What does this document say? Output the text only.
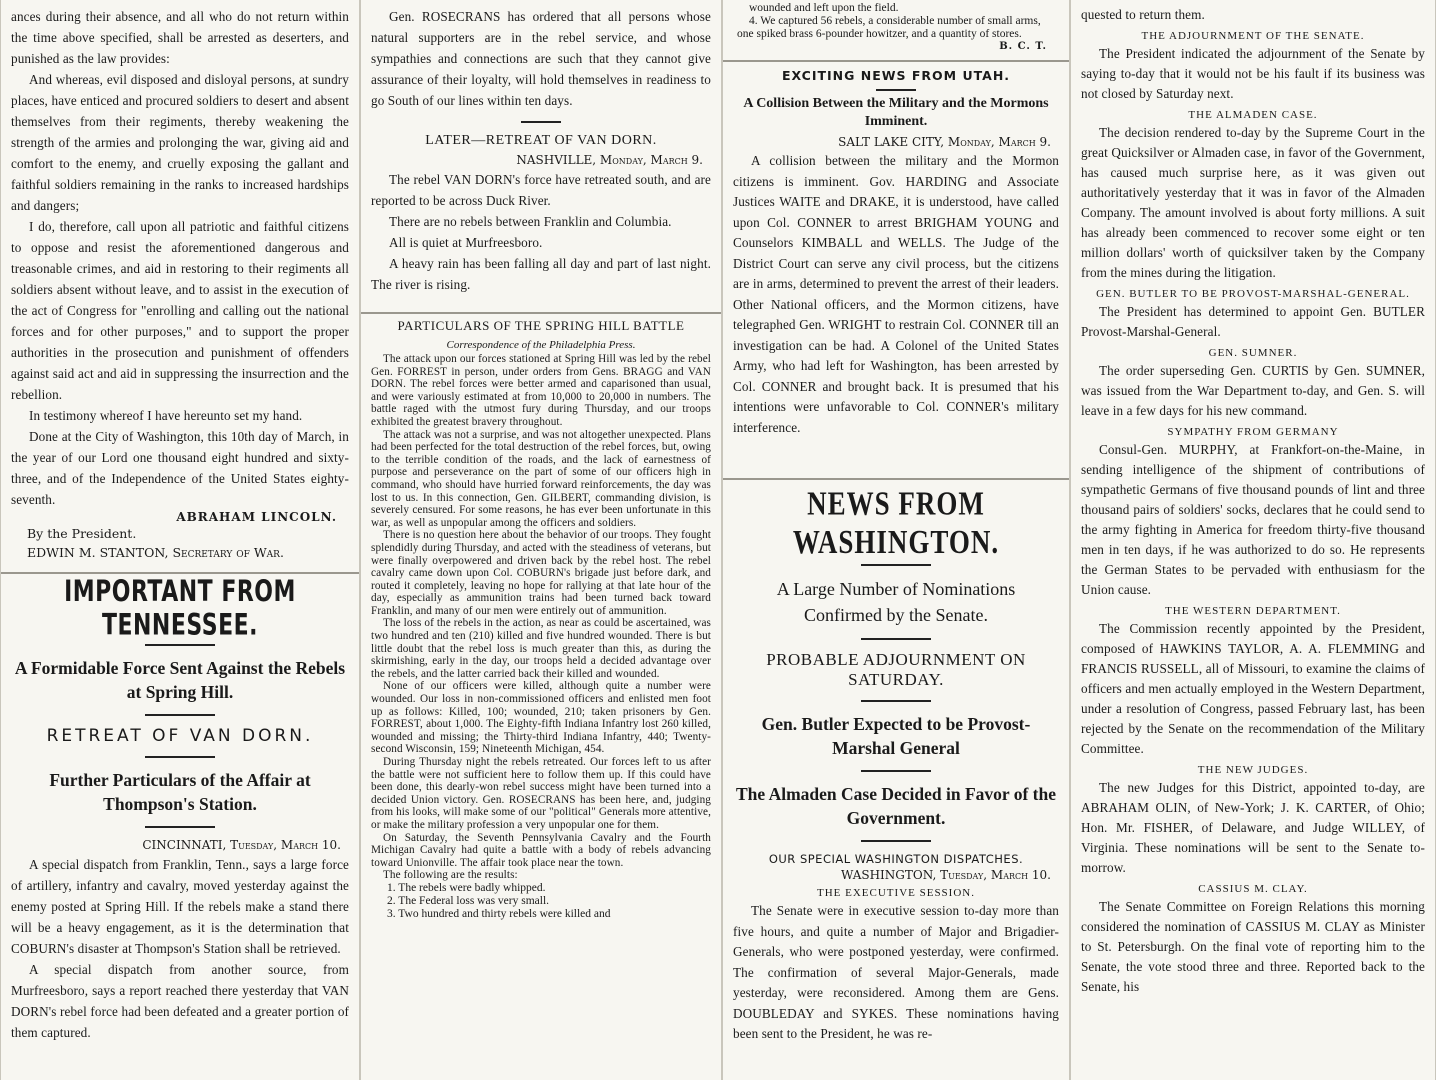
ances during their absence, and all who do not return within the time above specified, shall be arrested as deserters, and punished as the law provides:

And whereas, evil disposed and disloyal persons, at sundry places, have enticed and procured soldiers to desert and absent themselves from their regiments, thereby weakening the strength of the armies and prolonging the war, giving aid and comfort to the enemy, and cruelly exposing the gallant and faithful soldiers remaining in the ranks to increased hardships and dangers;

I do, therefore, call upon all patriotic and faithful citizens to oppose and resist the aforementioned dangerous and treasonable crimes, and aid in restoring to their regiments all soldiers absent without leave, and to assist in the execution of the act of Congress for "enrolling and calling out the national forces and for other purposes," and to support the proper authorities in the prosecution and punishment of offenders against said act and aid in suppressing the insurrection and the rebellion.

In testimony whereof I have hereunto set my hand.

Done at the City of Washington, this 10th day of March, in the year of our Lord one thousand eight hundred and sixty-three, and of the Independence of the United States eighty-seventh.

ABRAHAM LINCOLN.
By the President.
EDWIN M. STANTON, Secretary of War.
IMPORTANT FROM TENNESSEE.
A Formidable Force Sent Against the Rebels at Spring Hill.
RETREAT OF VAN DORN.
Further Particulars of the Affair at Thompson's Station.
CINCINNATI, Tuesday, March 10.

A special dispatch from Franklin, Tenn., says a large force of artillery, infantry and cavalry, moved yesterday against the enemy posted at Spring Hill. If the rebels make a stand there will be a heavy engagement, as it is the determination that COBURN's disaster at Thompson's Station shall be retrieved.

A special dispatch from another source, from Murfreesboro, says a report reached there yesterday that VAN DORN's rebel force had been defeated and a greater portion of them captured.

Gen. ROSECRANS has ordered that all persons whose natural supporters are in the rebel service, and whose sympathies and connections are such that they cannot give assurance of their loyalty, will hold themselves in readiness to go South of our lines within ten days.

LATER—RETREAT OF VAN DORN.
NASHVILLE, Monday, March 9.

The rebel VAN DORN's force have retreated south, and are reported to be across Duck River.

There are no rebels between Franklin and Columbia.

All is quiet at Murfreesboro.

A heavy rain has been falling all day and part of last night. The river is rising.

PARTICULARS OF THE SPRING HILL BATTLE
Correspondence of the Philadelphia Press.

The attack upon our forces stationed at Spring Hill was led by the rebel Gen. FORREST in person, under orders from Gens. BRAGG and VAN DORN. The rebel forces were better armed and caparisoned than usual, and were variously estimated at from 10,000 to 20,000 in numbers. The battle raged with the utmost fury during Thursday, and our troops exhibited the greatest bravery throughout.

The attack was not a surprise, and was not altogether unexpected. Plans had been perfected for the total destruction of the rebel forces, but, owing to the terrible condition of the roads, and the lack of earnestness of purpose and perseverance on the part of some of our officers high in command, who should have hurried forward reinforcements, the day was lost to us. In this connection, Gen. GILBERT, commanding division, is severely censured. For some reasons, he has ever been unfortunate in this war, as well as unpopular among the officers and soldiers.

There is no question here about the behavior of our troops. They fought splendidly during Thursday, and acted with the steadiness of veterans, but were finally overpowered and driven back by the rebel host. The rebel cavalry came down upon Col. COBURN's brigade just before dark, and routed it completely, leaving no hope for rallying at that late hour of the day, especially as ammunition trains had been turned back toward Franklin, and many of our men were entirely out of ammunition.

The loss of the rebels in the action, as near as could be ascertained, was two hundred and ten (210) killed and five hundred wounded. There is but little doubt that the rebel loss is much greater than this, as during the skirmishing, early in the day, our troops held a decided advantage over the rebels, and the latter carried back their killed and wounded.

None of our officers were killed, although quite a number were wounded. Our loss in non-commissioned officers and enlisted men foot up as follows: Killed, 100; wounded, 210; taken prisoners by Gen. FORREST, about 1,000. The Eighty-fifth Indiana Infantry lost 260 killed, wounded and missing; the Thirty-third Indiana Infantry, 440; Twenty-second Wisconsin, 159; Nineteenth Michigan, 454.

During Thursday night the rebels retreated. Our forces left to us after the battle were not sufficient here to follow them up. If this could have been done, this dearly-won rebel success might have been turned into a decided Union victory. Gen. ROSECRANS has been here, and, judging from his looks, will make some of our "political" Generals more attentive, or make the military profession a very unpopular one for them.

On Saturday, the Seventh Pennsylvania Cavalry and the Fourth Michigan Cavalry had quite a battle with a body of rebels advancing toward Unionville. The affair took place near the town.

The following are the results:

1. The rebels were badly whipped.

2. The Federal loss was very small.

3. Two hundred and thirty rebels were killed and

wounded and left upon the field.

4. We captured 56 rebels, a considerable number of small arms, one spiked brass 6-pounder howitzer, and a quantity of stores.

B. C. T.
EXCITING NEWS FROM UTAH.
A Collision Between the Military and the Mormons Imminent.
SALT LAKE CITY, Monday, March 9.

A collision between the military and the Mormon citizens is imminent. Gov. HARDING and Associate Justices WAITE and DRAKE, it is understood, have called upon Col. CONNER to arrest BRIGHAM YOUNG and Counselors KIMBALL and WELLS. The Judge of the District Court can serve any civil process, but the citizens are in arms, determined to prevent the arrest of their leaders. Other National officers, and the Mormon citizens, have telegraphed Gen. WRIGHT to restrain Col. CONNER till an investigation can be had. A Colonel of the United States Army, who had left for Washington, has been arrested by Col. CONNER and brought back. It is presumed that his intentions were unfavorable to Col. CONNER's military interference.

NEWS FROM WASHINGTON.
A Large Number of Nominations Confirmed by the Senate.
PROBABLE ADJOURNMENT ON SATURDAY.
Gen. Butler Expected to be Provost-Marshal General
The Almaden Case Decided in Favor of the Government.
OUR SPECIAL WASHINGTON DISPATCHES.
WASHINGTON, Tuesday, March 10.
THE EXECUTIVE SESSION.

The Senate were in executive session to-day more than five hours, and quite a number of Major and Brigadier-Generals, who were postponed yesterday, were confirmed. The confirmation of several Major-Generals, made yesterday, were reconsidered. Among them are Gens. DOUBLEDAY and SYKES. These nominations having been sent to the President, he was re-

quested to return them.

THE ADJOURNMENT OF THE SENATE.

The President indicated the adjournment of the Senate by saying to-day that it would not be his fault if its business was not closed by Saturday next.

THE ALMADEN CASE.

The decision rendered to-day by the Supreme Court in the great Quicksilver or Almaden case, in favor of the Government, has caused much surprise here, as it was given out authoritatively yesterday that it was in favor of the Almaden Company. The amount involved is about forty millions. A suit has already been commenced to recover some eight or ten million dollars' worth of quicksilver taken by the Company from the mines during the litigation.

GEN. BUTLER TO BE PROVOST-MARSHAL-GENERAL.

The President has determined to appoint Gen. BUTLER Provost-Marshal-General.

GEN. SUMNER.

The order superseding Gen. CURTIS by Gen. SUMNER, was issued from the War Department to-day, and Gen. S. will leave in a few days for his new command.

SYMPATHY FROM GERMANY

Consul-Gen. MURPHY, at Frankfort-on-the-Maine, in sending intelligence of the shipment of contributions of sympathetic Germans of five thousand pounds of lint and three thousand pairs of soldiers' socks, declares that he could send to the army fighting in America for freedom thirty-five thousand men in ten days, if he was authorized to do so. He represents the German States to be pervaded with enthusiasm for the Union cause.

THE WESTERN DEPARTMENT.

The Commission recently appointed by the President, composed of HAWKINS TAYLOR, A. A. FLEMMING and FRANCIS RUSSELL, all of Missouri, to examine the claims of officers and men actually employed in the Western Department, under a resolution of Congress, passed February last, has been rejected by the Senate on the recommendation of the Military Committee.

THE NEW JUDGES.

The new Judges for this District, appointed to-day, are ABRAHAM OLIN, of New-York; J. K. CARTER, of Ohio; Hon. Mr. FISHER, of Delaware, and Judge WILLEY, of Virginia. These nominations will be sent to the Senate to-morrow.

CASSIUS M. CLAY.

The Senate Committee on Foreign Relations this morning considered the nomination of CASSIUS M. CLAY as Minister to St. Petersburgh. On the final vote of reporting him to the Senate, the vote stood three and three. Reported back to the Senate, his
